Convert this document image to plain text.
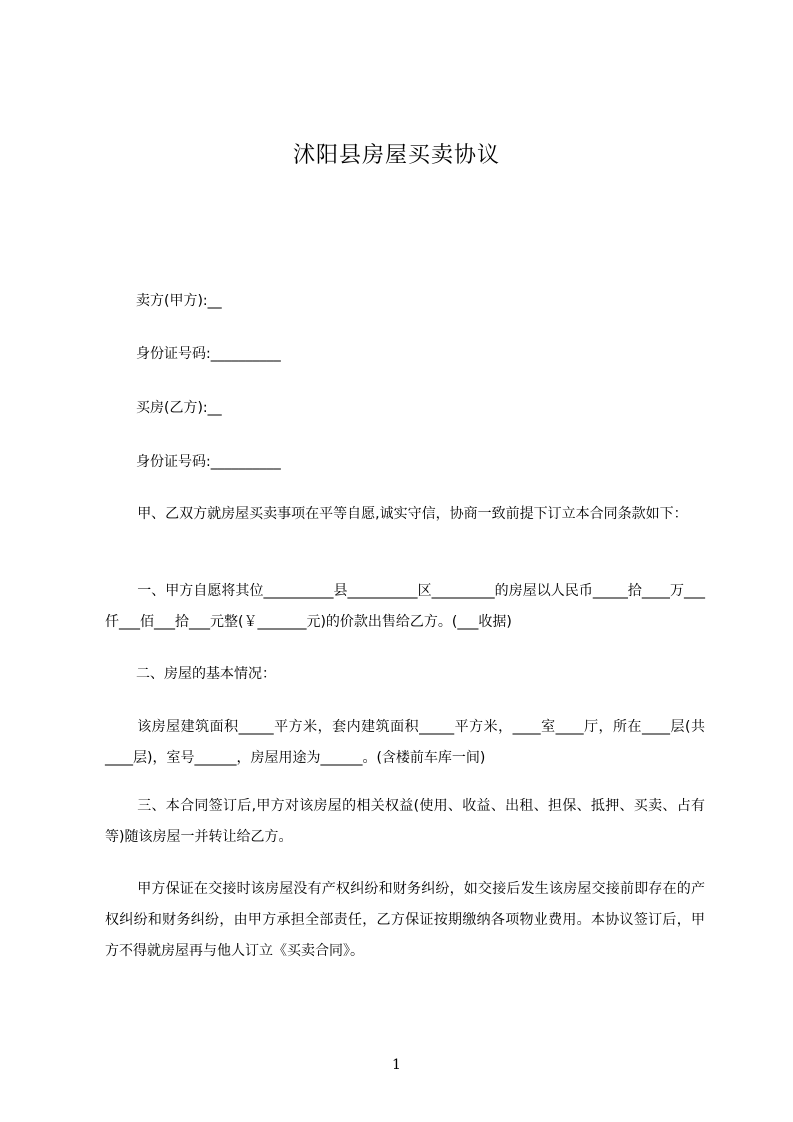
沭阳县房屋买卖协议
卖方(甲方):__
身份证号码:__________
买房(乙方):__
身份证号码:__________

甲、乙双方就房屋买卖事项在平等自愿,诚实守信，协商一致前提下订立本合同条款如下：

一、甲方自愿将其位__________县__________区_________的房屋以人民币_____拾____万___仟___佰___拾___元整(￥_______元)的价款出售给乙方。(___收据)

二、房屋的基本情况：

该房屋建筑面积_____平方米，套内建筑面积_____平方米，____室____厅，所在____层(共____层)，室号______，房屋用途为______。(含楼前车库一间)

三、本合同签订后,甲方对该房屋的相关权益(使用、收益、出租、担保、抵押、买卖、占有等)随该房屋一并转让给乙方。

甲方保证在交接时该房屋没有产权纠纷和财务纠纷，如交接后发生该房屋交接前即存在的产权纠纷和财务纠纷，由甲方承担全部责任，乙方保证按期缴纳各项物业费用。本协议签订后，甲方不得就房屋再与他人订立《买卖合同》。

1
